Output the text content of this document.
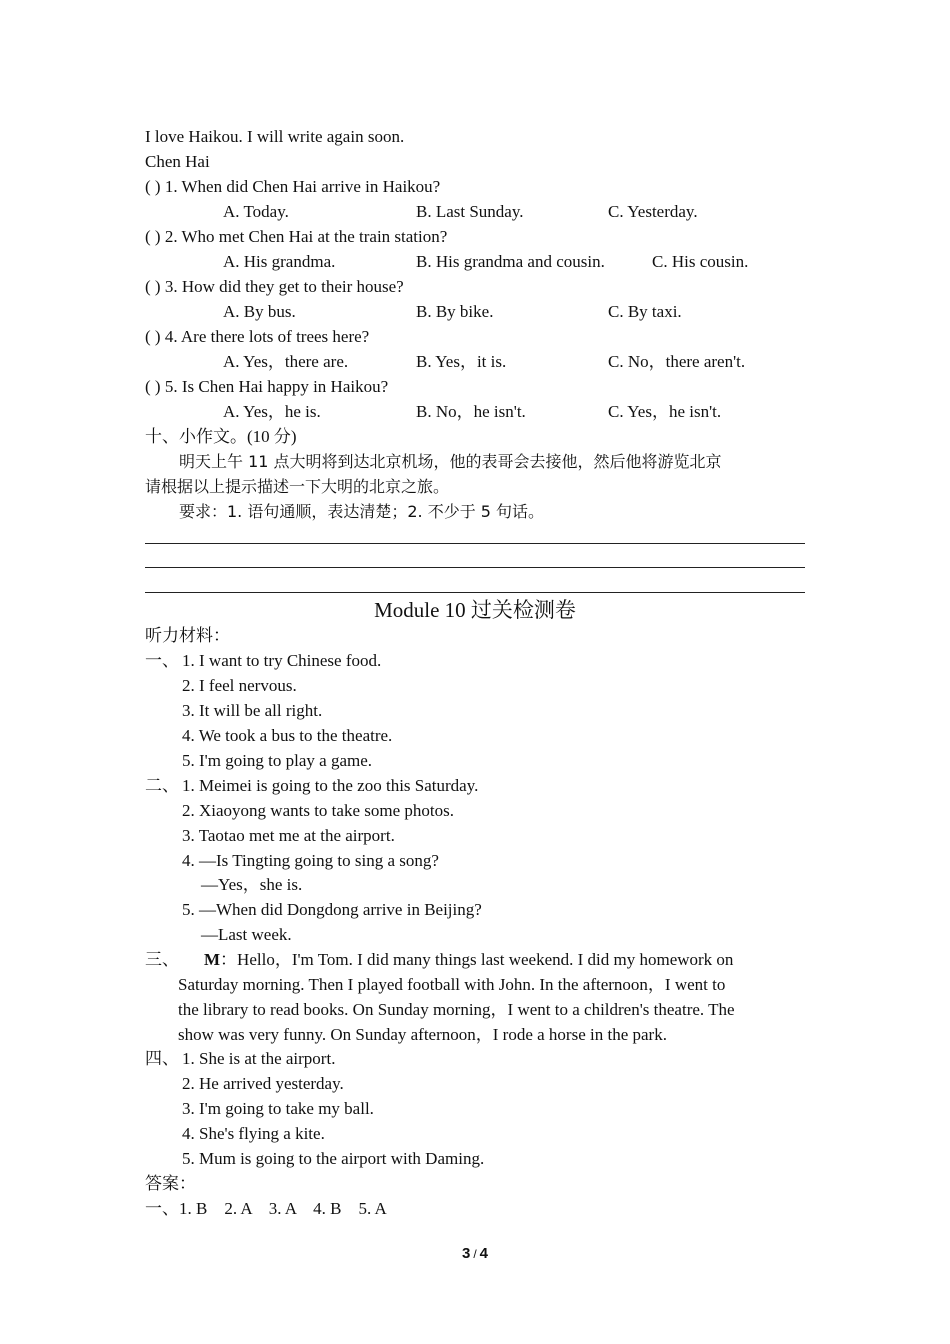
I love Haikou. I will write again soon.
Chen Hai
( ) 1. When did Chen Hai arrive in Haikou?
A. Today.	B. Last Sunday.	C. Yesterday.
( ) 2. Who met Chen Hai at the train station?
A. His grandma.	B. His grandma and cousin.	C. His cousin.
( ) 3. How did they get to their house?
A. By bus.	B. By bike.	C. By taxi.
( ) 4. Are there lots of trees here?
A. Yes，there are.	B. Yes，it is.	C. No，there aren't.
( ) 5. Is Chen Hai happy in Haikou?
A. Yes，he is.	B. No，he isn't.	C. Yes，he isn't.
十、小作文。(10 分)
明天上午 11 点大明将到达北京机场，他的表哥会去接他，然后他将游览北京
请根据以上提示描述一下大明的北京之旅。
要求：1. 语句通顺，表达清楚；2. 不少于 5 句话。
Module 10 过关检测卷
听力材料：
一、 1. I want to try Chinese food.
2. I feel nervous.
3. It will be all right.
4. We took a bus to the theatre.
5. I'm going to play a game.
二、 1. Meimei is going to the zoo this Saturday.
2. Xiaoyong wants to take some photos.
3. Taotao met me at the airport.
4. —Is Tingting going to sing a song?
—Yes，she is.
5. —When did Dongdong arrive in Beijing?
—Last week.
三、 M：Hello，I'm Tom. I did many things last weekend. I did my homework on
Saturday morning. Then I played football with John. In the afternoon，I went to
the library to read books. On Sunday morning，I went to a children's theatre. The
show was very funny. On Sunday afternoon，I rode a horse in the park.
四、 1. She is at the airport.
2. He arrived yesterday.
3. I'm going to take my ball.
4. She's flying a kite.
5. Mum is going to the airport with Daming.
答案：
一、1. B    2. A    3. A    4. B    5. A
3 / 4
